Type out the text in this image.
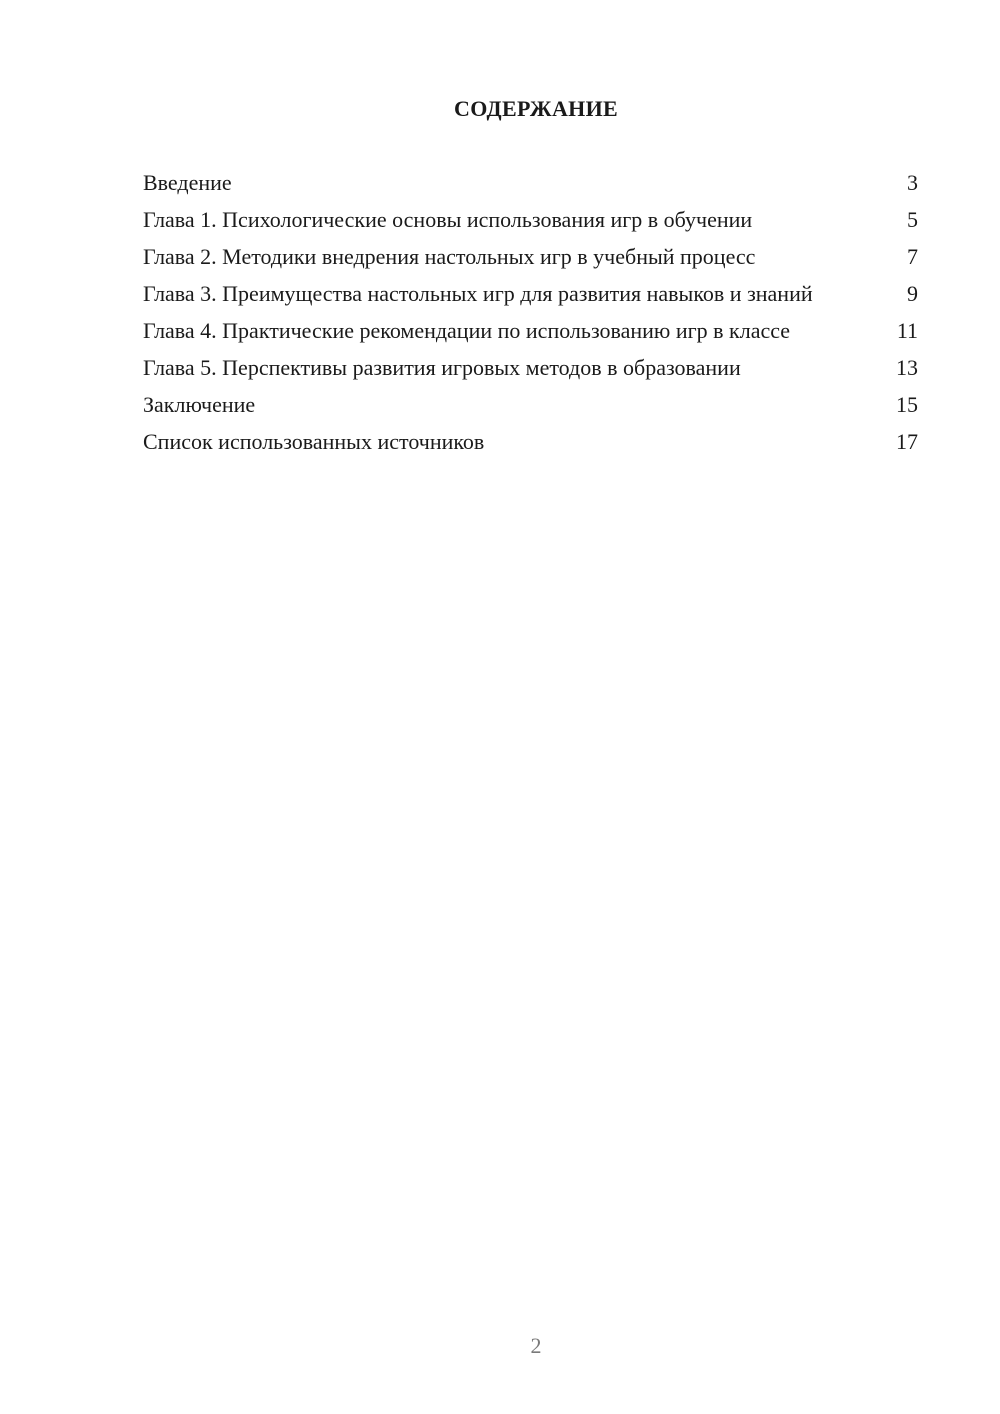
СОДЕРЖАНИЕ
Введение	3
Глава 1. Психологические основы использования игр в обучении	5
Глава 2. Методики внедрения настольных игр в учебный процесс	7
Глава 3. Преимущества настольных игр для развития навыков и знаний	9
Глава 4. Практические рекомендации по использованию игр в классе	11
Глава 5. Перспективы развития игровых методов в образовании	13
Заключение	15
Список использованных источников	17
2
